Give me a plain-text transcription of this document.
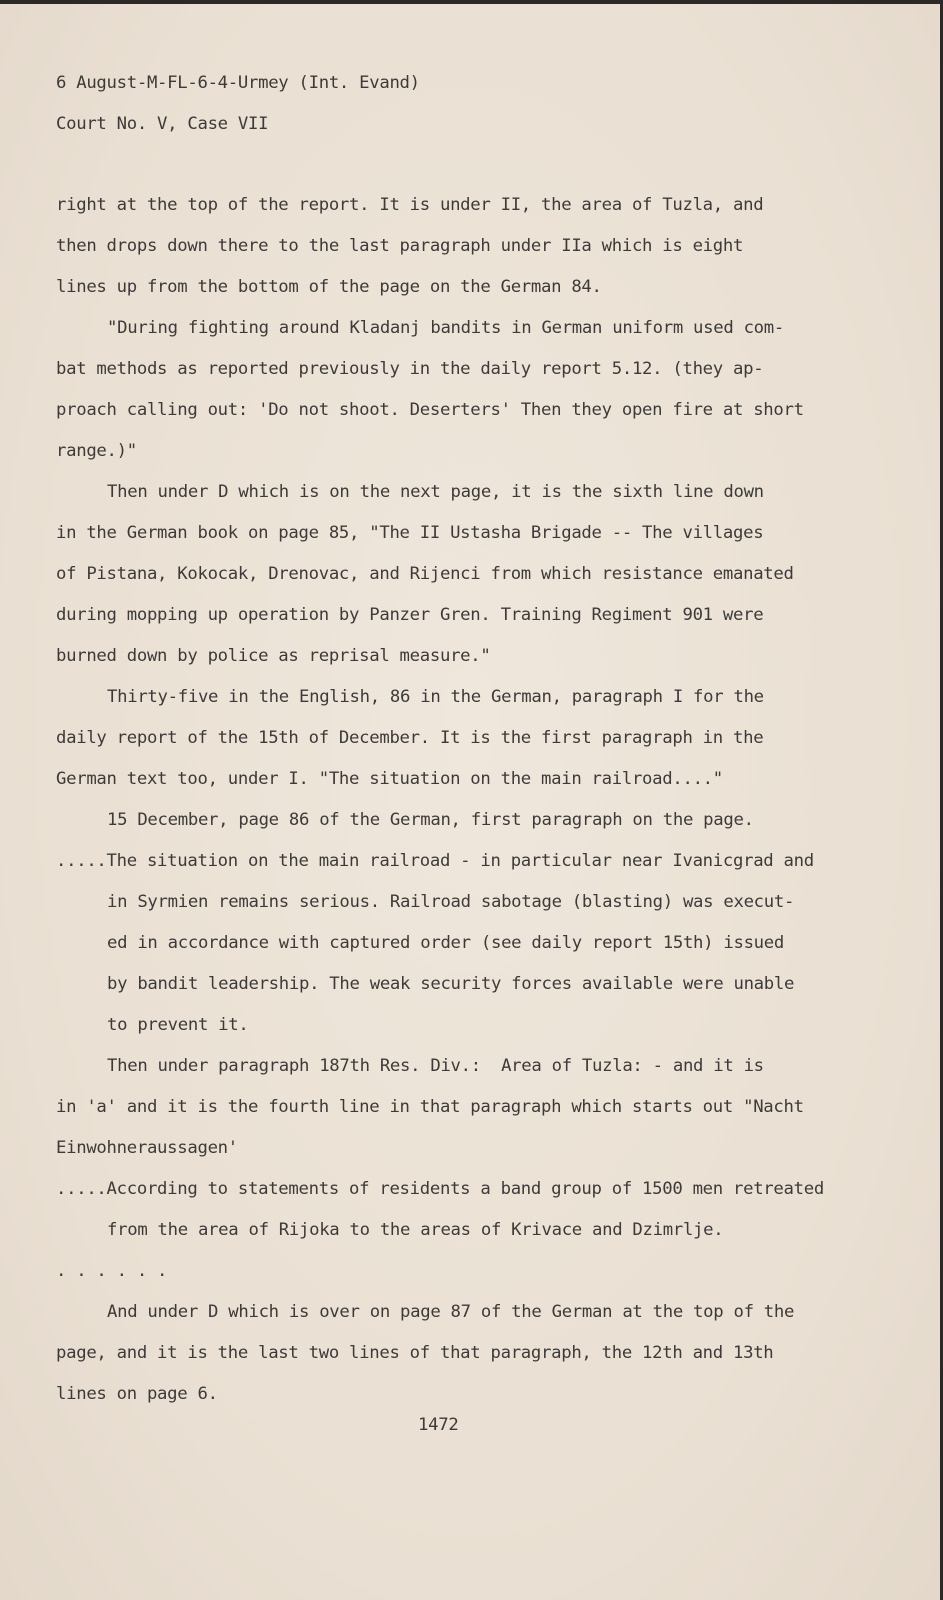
6 August-M-FL-6-4-Urmey (Int. Evand)
Court No. V, Case VII
right at the top of the report. It is under II, the area of Tuzla, and
then drops down there to the last paragraph under IIa which is eight
lines up from the bottom of the page on the German 84.
"During fighting around Kladanj bandits in German uniform used com-
bat methods as reported previously in the daily report 5.12. (they ap-
proach calling out: 'Do not shoot. Deserters' Then they open fire at short
range.)"
Then under D which is on the next page, it is the sixth line down
in the German book on page 85, "The II Ustasha Brigade -- The villages
of Pistana, Kokocak, Drenovac, and Rijenci from which resistance emanated
during mopping up operation by Panzer Gren. Training Regiment 901 were
burned down by police as reprisal measure."
Thirty-five in the English, 86 in the German, paragraph I for the
daily report of the 15th of December. It is the first paragraph in the
German text too, under I. "The situation on the main railroad...."
15 December, page 86 of the German, first paragraph on the page.
.....The situation on the main railroad - in particular near Ivanicgrad and
in Syrmien remains serious. Railroad sabotage (blasting) was execut-
ed in accordance with captured order (see daily report 15th) issued
by bandit leadership. The weak security forces available were unable
to prevent it.
Then under paragraph 187th Res. Div.:  Area of Tuzla: - and it is
in 'a' and it is the fourth line in that paragraph which starts out "Nacht
Einwohneraussagen'
.....According to statements of residents a band group of 1500 men retreated
from the area of Rijoka to the areas of Krivace and Dzimrlje.
. . . . . .
And under D which is over on page 87 of the German at the top of the
page, and it is the last two lines of that paragraph, the 12th and 13th
lines on page 6.
1472
